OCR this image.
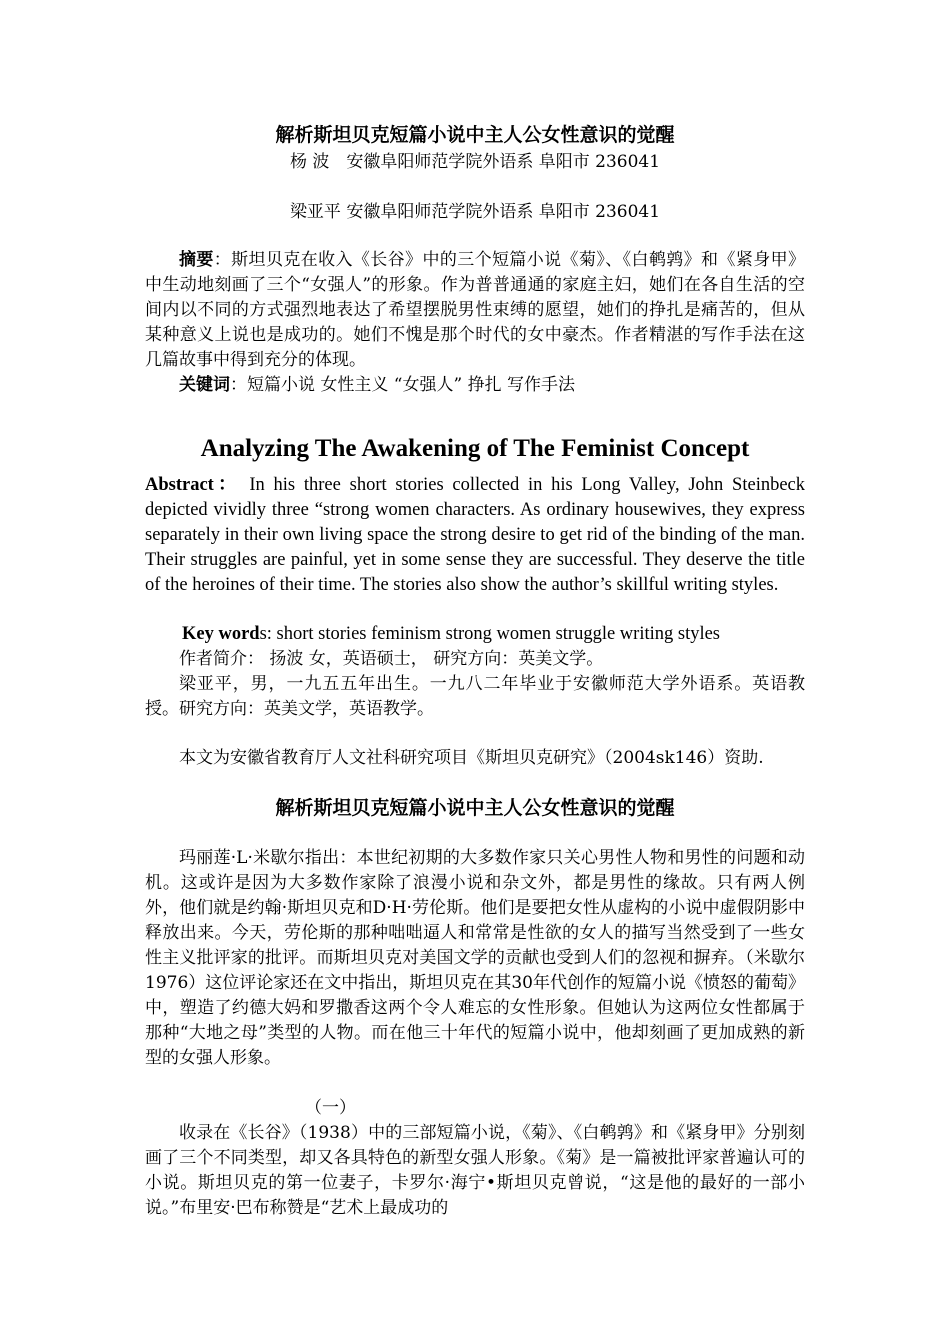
解析斯坦贝克短篇小说中主人公女性意识的觉醒
杨 波　安徽阜阳师范学院外语系 阜阳市 236041
梁亚平 安徽阜阳师范学院外语系 阜阳市 236041
摘要：斯坦贝克在收入《长谷》中的三个短篇小说《菊》、《白鹌鹑》和《紧身甲》中生动地刻画了三个“女强人”的形象。作为普普通通的家庭主妇，她们在各自生活的空间内以不同的方式强烈地表达了希望摆脱男性束缚的愿望，她们的挣扎是痛苦的，但从某种意义上说也是成功的。她们不愧是那个时代的女中豪杰。作者精湛的写作手法在这几篇故事中得到充分的体现。
关键词：短篇小说 女性主义 “女强人” 挣扎 写作手法
Analyzing The Awakening of The Feminist Concept
Abstract： In his three short stories collected in his Long Valley, John Steinbeck depicted vividly three “strong women characters. As ordinary housewives, they express separately in their own living space the strong desire to get rid of the binding of the man. Their struggles are painful, yet in some sense they are successful. They deserve the title of the heroines of their time. The stories also show the author’s skillful writing styles.
Key words: short stories feminism strong women struggle writing styles
作者简介： 扬波 女，英语硕士， 研究方向：英美文学。
梁亚平，男，一九五五年出生。一九八二年毕业于安徽师范大学外语系。英语教授。研究方向：英美文学，英语教学。
本文为安徽省教育厅人文社科研究项目《斯坦贝克研究》（2004sk146）资助.
解析斯坦贝克短篇小说中主人公女性意识的觉醒
玛丽莲·L·米歇尔指出：本世纪初期的大多数作家只关心男性人物和男性的问题和动机。这或许是因为大多数作家除了浪漫小说和杂文外，都是男性的缘故。只有两人例外，他们就是约翰·斯坦贝克和D·H·劳伦斯。他们是要把女性从虚构的小说中虚假阴影中释放出来。今天，劳伦斯的那种咄咄逼人和常常是性欲的女人的描写当然受到了一些女性主义批评家的批评。而斯坦贝克对美国文学的贡献也受到人们的忽视和摒弃。（米歇尔1976）这位评论家还在文中指出，斯坦贝克在其30年代创作的短篇小说《愤怒的葡萄》中，塑造了约德大妈和罗撒香这两个令人难忘的女性形象。但她认为这两位女性都属于那种“大地之母”类型的人物。而在他三十年代的短篇小说中，他却刻画了更加成熟的新型的女强人形象。
（一）
收录在《长谷》（1938）中的三部短篇小说，《菊》、《白鹌鹑》和《紧身甲》分别刻画了三个不同类型，却又各具特色的新型女强人形象。《菊》是一篇被批评家普遍认可的小说。斯坦贝克的第一位妻子，卡罗尔·海宁•斯坦贝克曾说，“这是他的最好的一部小说。”布里安·巴布称赞是“艺术上最成功的
